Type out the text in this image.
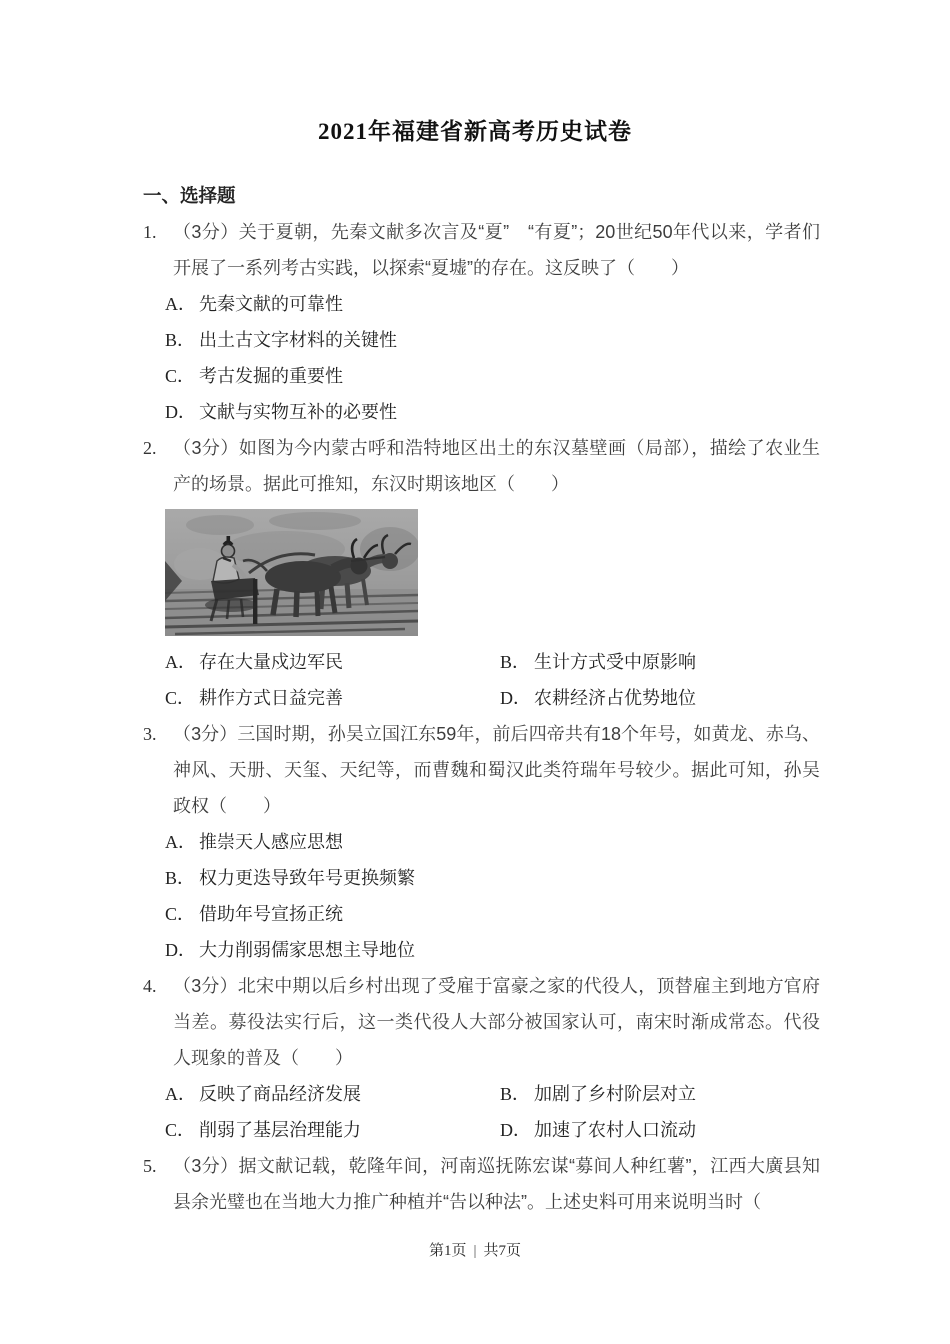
2021年福建省新高考历史试卷
一、选择题
1. （3分）关于夏朝，先秦文献多次言及“夏”　“有夏”；20世纪50年代以来，学者们开展了一系列考古实践，以探索“夏墟”的存在。这反映了（　　）
A． 先秦文献的可靠性
B． 出土古文字材料的关键性
C． 考古发掘的重要性
D． 文献与实物互补的必要性
2. （3分）如图为今内蒙古呼和浩特地区出土的东汉墓壁画（局部），描绘了农业生产的场景。据此可推知，东汉时期该地区（　　）
A． 存在大量戍边军民	B． 生计方式受中原影响
C． 耕作方式日益完善	D． 农耕经济占优势地位
3. （3分）三国时期，孙吴立国江东59年，前后四帝共有18个年号，如黄龙、赤乌、神风、天册、天玺、天纪等，而曹魏和蜀汉此类符瑞年号较少。据此可知，孙吴政权（　　）
A． 推崇天人感应思想
B． 权力更迭导致年号更换频繁
C． 借助年号宣扬正统
D． 大力削弱儒家思想主导地位
4. （3分）北宋中期以后乡村出现了受雇于富豪之家的代役人，顶替雇主到地方官府当差。募役法实行后，这一类代役人大部分被国家认可，南宋时渐成常态。代役人现象的普及（　　）
A． 反映了商品经济发展	B． 加剧了乡村阶层对立
C． 削弱了基层治理能力	D． 加速了农村人口流动
5. （3分）据文献记载，乾隆年间，河南巡抚陈宏谋“募间人种红薯”，江西大廣县知县余光璧也在当地大力推广种植并“告以种法”。上述史料可用来说明当时（
第1页 | 共7页
